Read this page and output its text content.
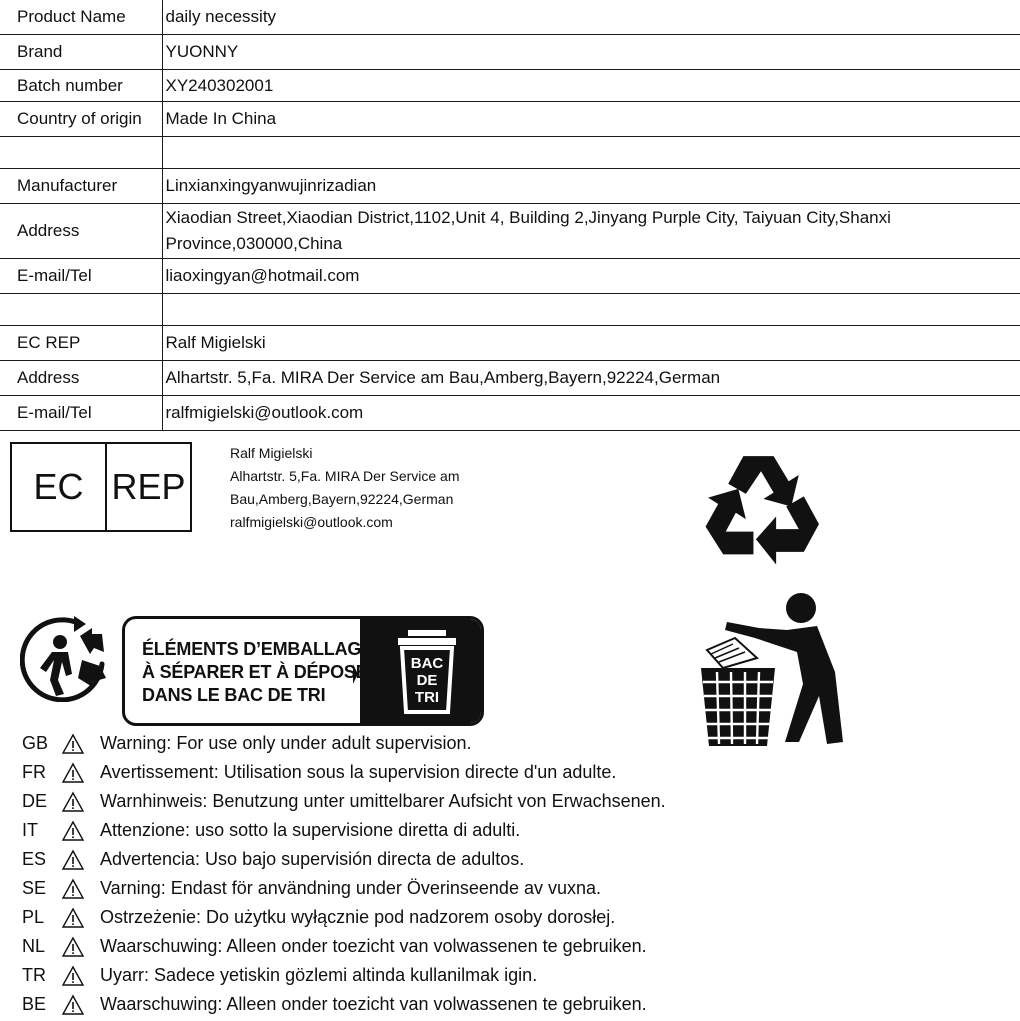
Product Name	daily necessity
Brand	YUONNY
Batch number	XY240302001
Country of origin	Made In China

Manufacturer	Linxianxingyanwujinrizadian
Address	Xiaodian Street,Xiaodian District,1102,Unit 4, Building 2,Jinyang Purple City, Taiyuan City,Shanxi Province,030000,China
E-mail/Tel	liaoxingyan@hotmail.com

EC REP	Ralf Migielski
Address	Alhartstr. 5,Fa. MIRA Der Service am Bau,Amberg,Bayern,92224,German
E-mail/Tel	ralfmigielski@outlook.com
EC REP
Ralf Migielski
Alhartstr. 5,Fa. MIRA Der Service am
Bau,Amberg,Bayern,92224,German
ralfmigielski@outlook.com
ÉLÉMENTS D’EMBALLAGE
À SÉPARER ET À DÉPOSER
DANS LE BAC DE TRI
BAC
DE
TRI
GB	Warning: For use only under adult supervision.
FR	Avertissement: Utilisation sous la supervision directe d'un adulte.
DE	Warnhinweis: Benutzung unter umittelbarer Aufsicht von Erwachsenen.
IT	Attenzione: uso sotto la supervisione diretta di adulti.
ES	Advertencia: Uso bajo supervisión directa de adultos.
SE	Varning: Endast för användning under Överinseende av vuxna.
PL	Ostrzeżenie: Do użytku wyłącznie pod nadzorem osoby dorosłej.
NL	Waarschuwing: Alleen onder toezicht van volwassenen te gebruiken.
TR	Uyarr: Sadece yetiskin gözlemi altinda kullanilmak igin.
BE	Waarschuwing: Alleen onder toezicht van volwassenen te gebruiken.
